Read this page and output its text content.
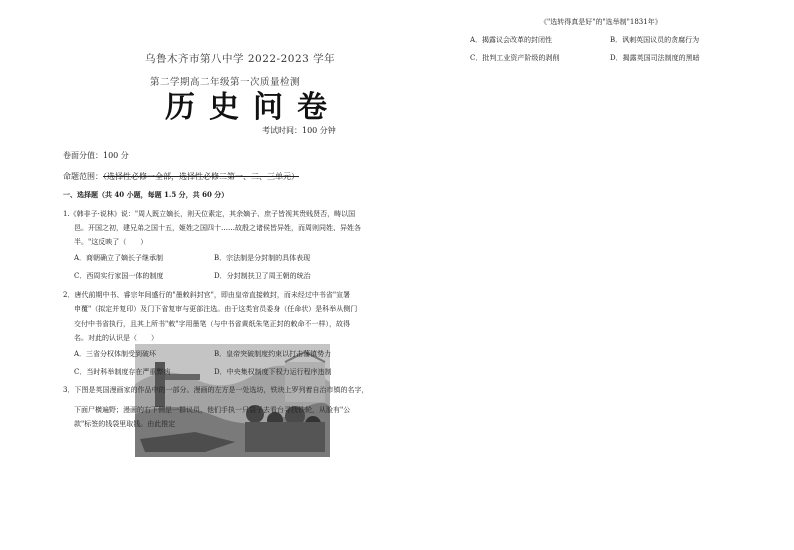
《"选转得真是好"的"选举制"1831年》
A．揭露议会改革的封闭性	B．讽刺英国议员的贪腐行为
C．批判工业资产阶级的剥削	D．揭露英国司法制度的黑暗
乌鲁木齐市第八中学 2022-2023 学年
第二学期高二年级第一次质量检测
历史问卷
考试时间：100 分钟
卷面分值：100 分
命题范围：（选择性必修一全部，选择性必修二第一、二、三单元）
一、选择题（共 40 小题，每题 1.5 分，共 60 分）
1.《韩非子·说林》说："周人既立嫡长，则天位素定，其余嫡子、庶子皆视其贵贱贤否，畴以国
邑。开国之初，建兄弟之国十五，姬姓之国四十……故殷之诸侯皆异姓，而周则同姓、异姓各
半。"这反映了（　　）
A．商朝确立了嫡长子继承制	B．宗法制是分封制的具体表现
C．西周实行家国一体的制度	D．分封制扶卫了周王朝的统治
2．唐代前期中书、睿宗年间盛行的"墨敕斜封官"，即由皇帝直接敕封，而未经过中书省"宣署
申覆"（拟定并复印）及门下省复审与更部注选。由于这类官员委身（任命状）是科举从侧门
交付中书省执行，且其上所书"敕"字用墨笔（与中书省黄纸朱笔正封的敕命不一样），故得
名。对此的认识是（　　）
A．三省分权体制受到破坏	B．皇帝突破制度约束以打击藩镇势力
C．当时科举制度存在严重弊病	D．中央集权制度下权力运行程序违制
3．下图是英国漫画家的作品中的一部分。漫画的左方是一处选坊，铁块上罗列着自治市镇的名字，
下面尸横遍野；漫画的右下侧是一群议员，他们手执一只袋子去看台寻找铁轮，从脸有"公
款"标签的钱袋里取钱。由此推定
